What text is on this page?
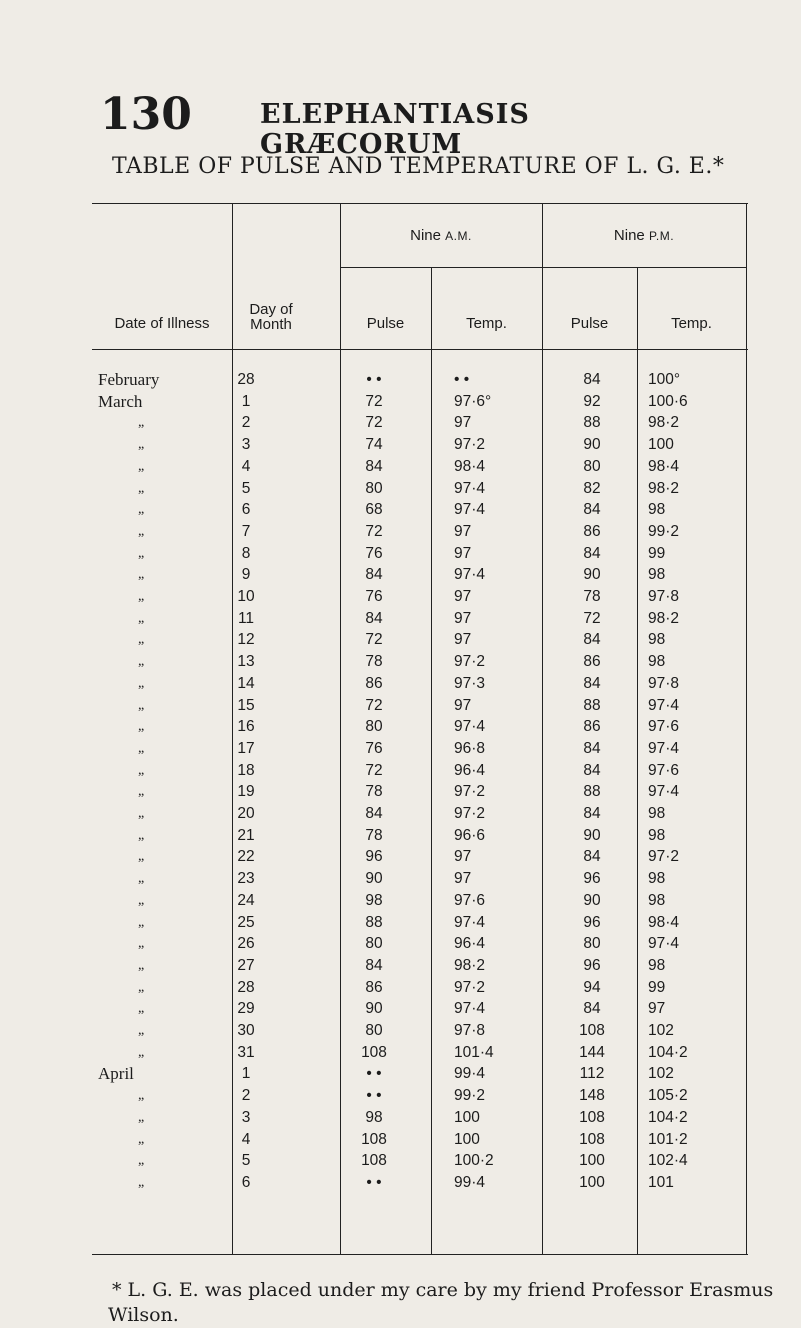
130	ELEPHANTIASIS GRÆCORUM
TABLE OF PULSE AND TEMPERATURE OF L. G. E.*
Date of Illness
Day of Month
Nine A.M.	Nine P.M.
Pulse	Temp.	Pulse	Temp.
February	28	• •	• •	84	100°
March	1	72	97·6°	92	100·6
„	2	72	97	88	98·2
„	3	74	97·2	90	100
„	4	84	98·4	80	98·4
„	5	80	97·4	82	98·2
„	6	68	97·4	84	98
„	7	72	97	86	99·2
„	8	76	97	84	99
„	9	84	97·4	90	98
„	10	76	97	78	97·8
„	11	84	97	72	98·2
„	12	72	97	84	98
„	13	78	97·2	86	98
„	14	86	97·3	84	97·8
„	15	72	97	88	97·4
„	16	80	97·4	86	97·6
„	17	76	96·8	84	97·4
„	18	72	96·4	84	97·6
„	19	78	97·2	88	97·4
„	20	84	97·2	84	98
„	21	78	96·6	90	98
„	22	96	97	84	97·2
„	23	90	97	96	98
„	24	98	97·6	90	98
„	25	88	97·4	96	98·4
„	26	80	96·4	80	97·4
„	27	84	98·2	96	98
„	28	86	97·2	94	99
„	29	90	97·4	84	97
„	30	80	97·8	108	102
„	31	108	101·4	144	104·2
April	1	• •	99·4	112	102
„	2	• •	99·2	148	105·2
„	3	98	100	108	104·2
„	4	108	100	108	101·2
„	5	108	100·2	100	102·4
„	6	• •	99·4	100	101
* L. G. E. was placed under my care by my friend Professor Erasmus
Wilson.
